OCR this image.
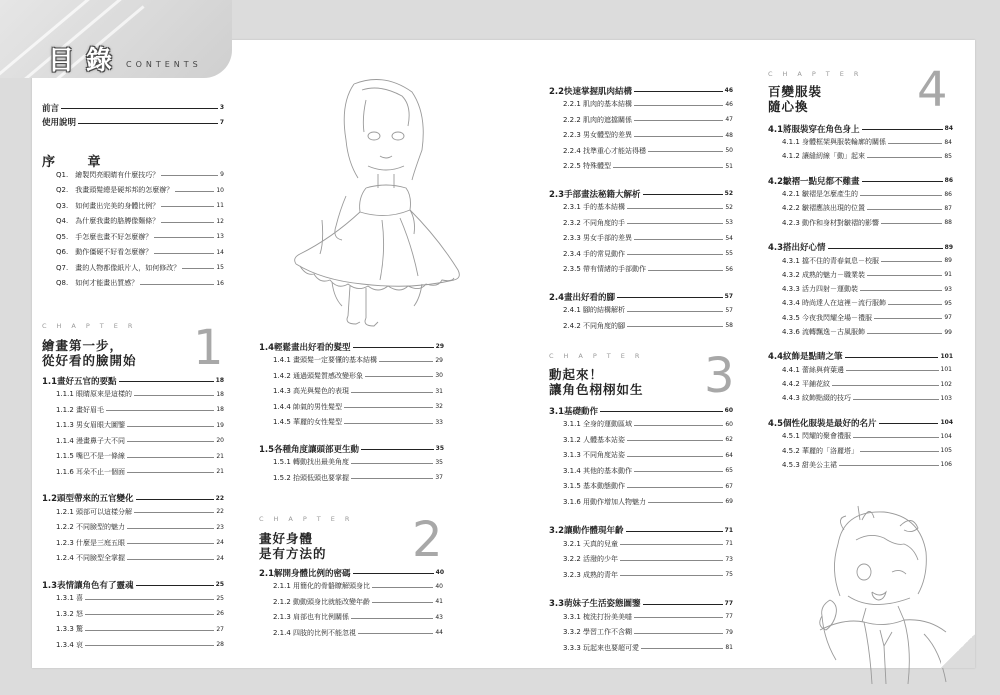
目 錄 CONTENTS
前言	3
使用說明	7
Q1.　繪製閃亮眼睛有什麼技巧？	9
Q2.　我畫頭髮總是硬邦邦的怎麼辦？	10
Q3.　如何畫出完美的身體比例？	11
Q4.　為什麼我畫的胳膊像麵條？	12
Q5.　手怎麼也畫不好怎麼辦？	13
Q6.　動作僵硬不好看怎麼辦？	14
Q7.　畫的人物都像紙片人，如何修改？	15
Q8.　如何才能畫出質感？	16
1.1畫好五官的要點	18
1.1.1 眼睛原來是這樣的	18
1.1.2 畫好眉毛	18
1.1.3 男女眉眼大圖鑒	19
1.1.4 漫畫鼻子大不同	20
1.1.5 嘴巴不是一條線	21
1.1.6 耳朵不止一個面	21
1.2頭型帶來的五官變化	22
1.2.1 頭部可以這樣分解	22
1.2.2 不同臉型的魅力	23
1.2.3 什麼是三庭五眼	24
1.2.4 不同臉型全掌握	24
1.3表情讓角色有了靈魂	25
1.3.1 喜	25
1.3.2 怒	26
1.3.3 驚	27
1.3.4 哀	28
1.4輕鬆畫出好看的髮型	29
1.4.1 畫頭髮一定要懂的基本結構	29
1.4.2 通過頭髮質感改變形象	30
1.4.3 高光與髮色的表現	31
1.4.4 帥氣的男性髮型	32
1.4.5 華麗的女性髮型	33
1.5各種角度讓頭部更生動	35
1.5.1 轉動找出最美角度	35
1.5.2 抬頭低頭也要掌握	37
2.1解開身體比例的密碼	40
2.1.1 用簡化的骨骼瞭解頭身比	40
2.1.2 動動頭身比就能改變年齡	41
2.1.3 肩部也有比例關係	43
2.1.4 四肢的比例不能忽視	44
2.2快速掌握肌肉結構	46
2.2.1 肌肉的基本結構	46
2.2.2 肌肉的遮擋關係	47
2.2.3 男女體型的差異	48
2.2.4 找準重心才能站得穩	50
2.2.5 特殊體型	51
2.3手部畫法秘籍大解析	52
2.3.1 手的基本結構	52
2.3.2 不同角度的手	53
2.3.3 男女手部的差異	54
2.3.4 手的常見動作	55
2.3.5 帶有情緒的手部動作	56
2.4畫出好看的腳	57
2.4.1 腳的結構解析	57
2.4.2 不同角度的腳	58
3.1基礎動作	60
3.1.1 全身的運動區域	60
3.1.2 人體基本站姿	62
3.1.3 不同角度站姿	64
3.1.4 其他的基本動作	65
3.1.5 基本動態動作	67
3.1.6 用動作增加人物魅力	69
3.2讓動作體現年齡	71
3.2.1 天真的兒童	71
3.2.2 活潑的少年	73
3.2.3 成熟的青年	75
3.3萌妹子生活姿態圖鑒	77
3.3.1 梳洗打扮美美噠	77
3.3.2 學習工作不含糊	79
3.3.3 玩起來也要超可愛	81
4.1將服裝穿在角色身上	84
4.1.1 身體框架與服裝輪廓的關係	84
4.1.2 讓縫紉線「動」起來	85
4.2皺褶一點兒都不難畫	86
4.2.1 皺褶是怎麼產生的	86
4.2.2 皺褶應該出現的位置	87
4.2.3 動作和身材對皺褶的影響	88
4.3搭出好心情	89
4.3.1 擋不住的青春氣息－校服	89
4.3.2 成熟的魅力－職業裝	91
4.3.3 活力四射－運動裝	93
4.3.4 時尚達人在這裡－流行服飾	95
4.3.5 今夜我閃耀全場－禮服	97
4.3.6 流轉飄逸－古風服飾	99
4.4紋飾是點睛之筆	101
4.4.1 蕾絲與荷葉邊	101
4.4.2 平鋪花紋	102
4.4.3 紋飾點綴的技巧	103
4.5個性化服裝是最好的名片	104
4.5.1 閃耀的聚會禮服	104
4.5.2 華麗的「洛麗塔」	105
4.5.3 甜美公主裙	106
序 章
CHAPTER 1
繪畫第一步，
從好看的臉開始
CHAPTER 2
畫好身體
是有方法的
CHAPTER 3
動起來！
讓角色栩栩如生
CHAPTER 4
百變服裝
隨心換
